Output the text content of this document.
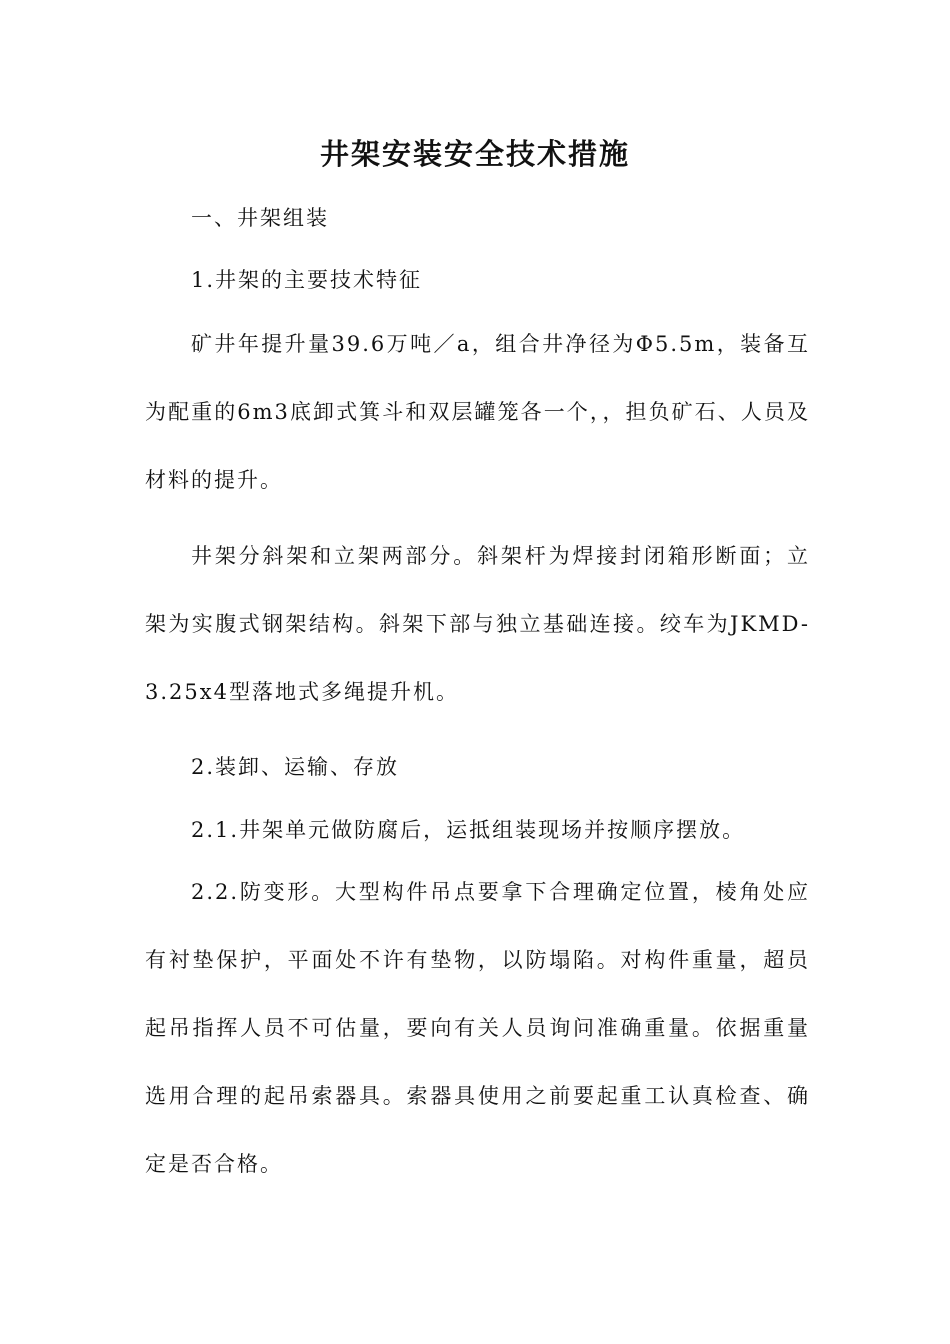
井架安装安全技术措施

一、井架组装

1.井架的主要技术特征

矿井年提升量39.6万吨／a，组合井净径为Φ5.5m，装备互为配重的6m3底卸式箕斗和双层罐笼各一个，，担负矿石、人员及材料的提升。

井架分斜架和立架两部分。斜架杆为焊接封闭箱形断面；立架为实腹式钢架结构。斜架下部与独立基础连接。绞车为JKMD-3.25x4型落地式多绳提升机。

2.装卸、运输、存放

2.1.井架单元做防腐后，运抵组装现场并按顺序摆放。

2.2.防变形。大型构件吊点要拿下合理确定位置，棱角处应有衬垫保护，平面处不许有垫物，以防塌陷。对构件重量，超员起吊指挥人员不可估量，要向有关人员询问准确重量。依据重量选用合理的起吊索器具。索器具使用之前要起重工认真检查、确定是否合格。
